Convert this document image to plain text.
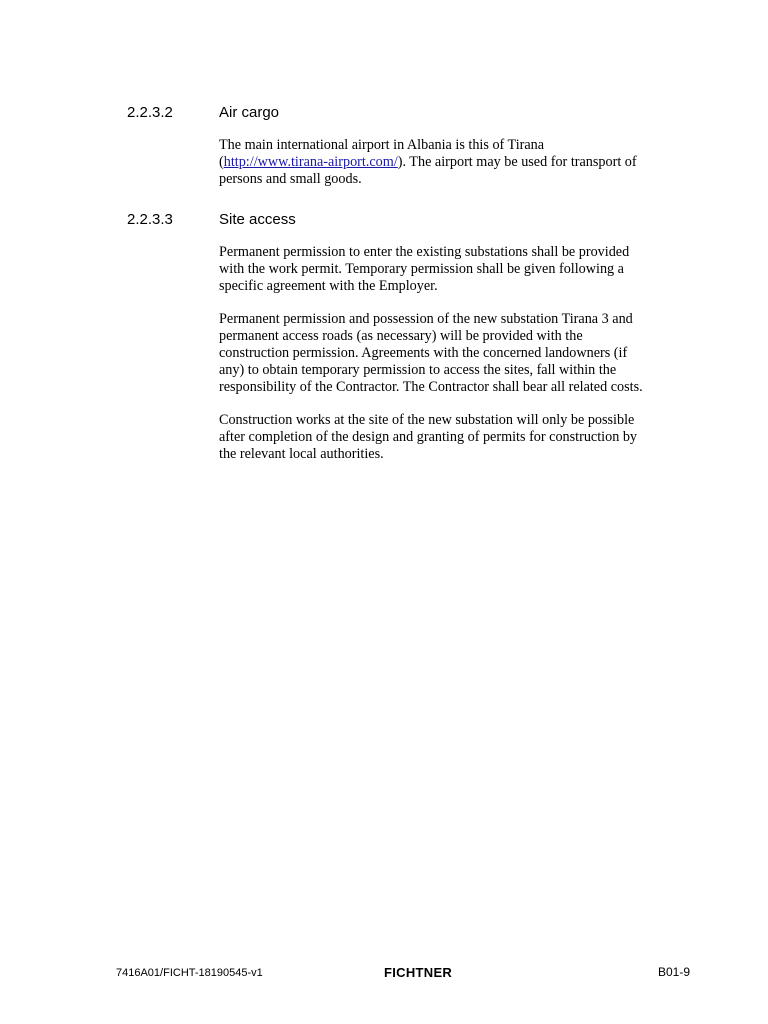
2.2.3.2	Air cargo
The main international airport in Albania is this of Tirana
(http://www.tirana-airport.com/). The airport may be used for transport of
persons and small goods.
2.2.3.3	Site access
Permanent permission to enter the existing substations shall be provided
with the work permit. Temporary permission shall be given following a
specific agreement with the Employer.
Permanent permission and possession of the new substation Tirana 3 and
permanent access roads (as necessary) will be provided with the
construction permission. Agreements with the concerned landowners (if
any) to obtain temporary permission to access the sites, fall within the
responsibility of the Contractor. The Contractor shall bear all related costs.
Construction works at the site of the new substation will only be possible
after completion of the design and granting of permits for construction by
the relevant local authorities.
7416A01/FICHT-18190545-v1	FICHTNER	B01-9
